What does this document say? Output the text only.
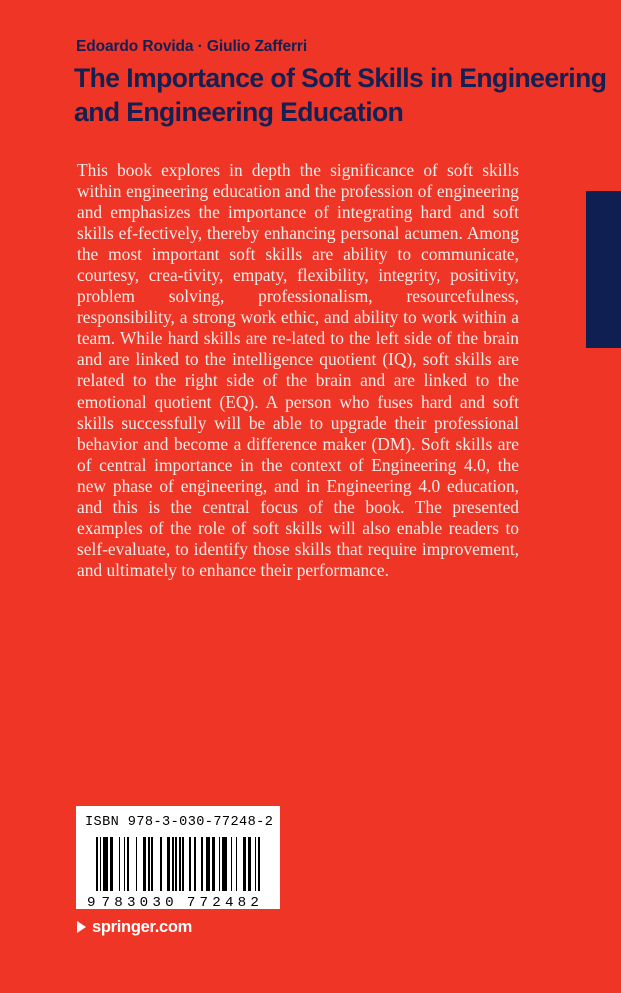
Edoardo Rovida · Giulio Zafferri
The Importance of Soft Skills in Engineering
and Engineering Education
This book explores in depth the significance of soft skills within engineering education and the profession of engineering and emphasizes the importance of integrating hard and soft skills ef-fectively, thereby enhancing personal acumen. Among the most important soft skills are ability to communicate, courtesy, crea-tivity, empaty, flexibility, integrity, positivity, problem solving, professionalism, resourcefulness, responsibility, a strong work ethic, and ability to work within a team. While hard skills are re-lated to the left side of the brain and are linked to the intelligence quotient (IQ), soft skills are related to the right side of the brain and are linked to the emotional quotient (EQ). A person who fuses hard and soft skills successfully will be able to upgrade their professional behavior and become a difference maker (DM). Soft skills are of central importance in the context of Engineering 4.0, the new phase of engineering, and in Engineering 4.0 education, and this is the central focus of the book. The presented examples of the role of soft skills will also enable readers to self-evaluate, to identify those skills that require improvement, and ultimately to enhance their performance.
ISBN 978-3-030-77248-2
9 783030 772482
springer.com
